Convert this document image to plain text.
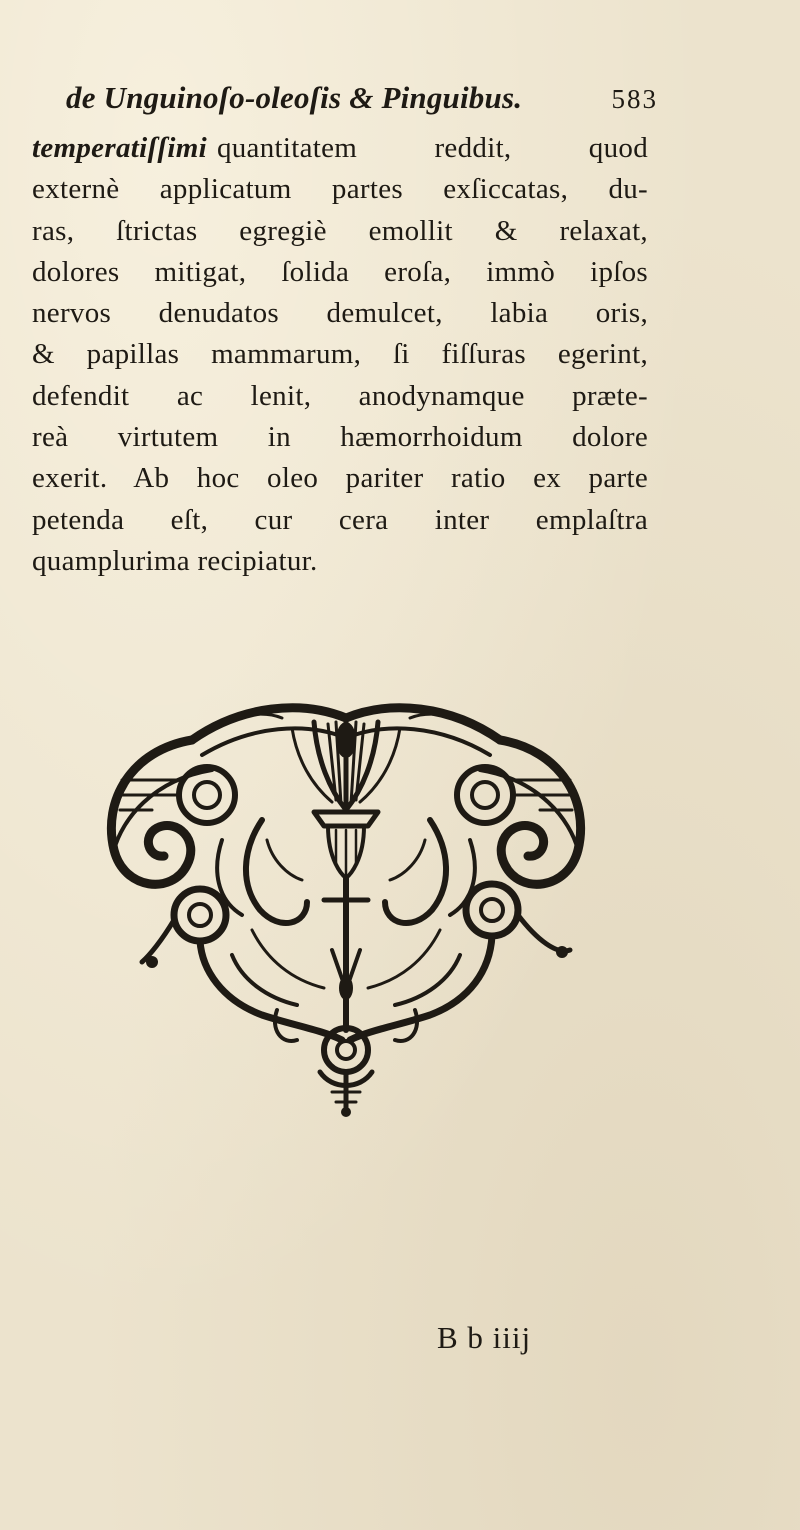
de Unguinoſo-oleoſis & Pinguibus.	583
temperatiſſimi quantitatem reddit, quod
externè applicatum partes exſiccatas, du-
ras, ſtrictas egregiè emollit & relaxat,
dolores mitigat, ſolida eroſa, immò ipſos
nervos denudatos demulcet, labia oris,
& papillas mammarum, ſi fiſſuras egerint,
defendit ac lenit, anodynamque præte-
reà virtutem in hæmorrhoidum dolore
exerit. Ab hoc oleo pariter ratio ex parte
petenda eſt, cur cera inter emplaſtra
quamplurima recipiatur.
B b iiij
